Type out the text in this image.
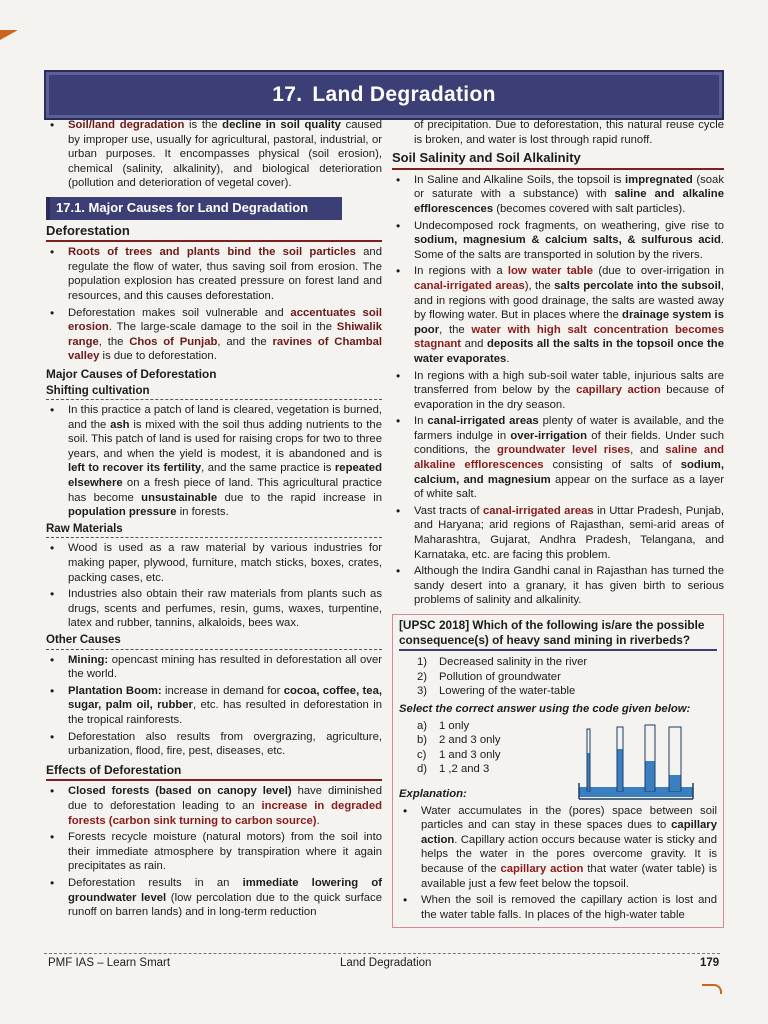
17. Land Degradation
• Soil/land degradation is the decline in soil quality caused by improper use, usually for agricultural, pastoral, industrial, or urban purposes. It encompasses physical (soil erosion), chemical (salinity, alkalinity), and biological deterioration (pollution and deterioration of vegetal cover).
17.1. Major Causes for Land Degradation
Deforestation
• Roots of trees and plants bind the soil particles and regulate the flow of water, thus saving soil from erosion. The population explosion has created pressure on forest land and resources, and this causes deforestation.
• Deforestation makes soil vulnerable and accentuates soil erosion. The large-scale damage to the soil in the Shiwalik range, the Chos of Punjab, and the ravines of Chambal valley is due to deforestation.
Major Causes of Deforestation
Shifting cultivation
• In this practice a patch of land is cleared, vegetation is burned, and the ash is mixed with the soil thus adding nutrients to the soil. This patch of land is used for raising crops for two to three years, and when the yield is modest, it is abandoned and is left to recover its fertility, and the same practice is repeated elsewhere on a fresh piece of land. This agricultural practice has become unsustainable due to the rapid increase in population pressure in forests.
Raw Materials
• Wood is used as a raw material by various industries for making paper, plywood, furniture, match sticks, boxes, crates, packing cases, etc.
• Industries also obtain their raw materials from plants such as drugs, scents and perfumes, resin, gums, waxes, turpentine, latex and rubber, tannins, alkaloids, bees wax.
Other Causes
• Mining: opencast mining has resulted in deforestation all over the world.
• Plantation Boom: increase in demand for cocoa, coffee, tea, sugar, palm oil, rubber, etc. has resulted in deforestation in the tropical rainforests.
• Deforestation also results from overgrazing, agriculture, urbanization, flood, fire, pest, diseases, etc.
Effects of Deforestation
• Closed forests (based on canopy level) have diminished due to deforestation leading to an increase in degraded forests (carbon sink turning to carbon source).
• Forests recycle moisture (natural motors) from the soil into their immediate atmosphere by transpiration where it again precipitates as rain.
• Deforestation results in an immediate lowering of groundwater level (low percolation due to the quick surface runoff on barren lands) and in long-term reduction
of precipitation. Due to deforestation, this natural reuse cycle is broken, and water is lost through rapid runoff.
Soil Salinity and Soil Alkalinity
• In Saline and Alkaline Soils, the topsoil is impregnated (soak or saturate with a substance) with saline and alkaline efflorescences (becomes covered with salt particles).
• Undecomposed rock fragments, on weathering, give rise to sodium, magnesium & calcium salts, & sulfurous acid. Some of the salts are transported in solution by the rivers.
• In regions with a low water table (due to over-irrigation in canal-irrigated areas), the salts percolate into the subsoil, and in regions with good drainage, the salts are wasted away by flowing water. But in places where the drainage system is poor, the water with high salt concentration becomes stagnant and deposits all the salts in the topsoil once the water evaporates.
• In regions with a high sub-soil water table, injurious salts are transferred from below by the capillary action because of evaporation in the dry season.
• In canal-irrigated areas plenty of water is available, and the farmers indulge in over-irrigation of their fields. Under such conditions, the groundwater level rises, and saline and alkaline efflorescences consisting of salts of sodium, calcium, and magnesium appear on the surface as a layer of white salt.
• Vast tracts of canal-irrigated areas in Uttar Pradesh, Punjab, and Haryana; arid regions of Rajasthan, semi-arid areas of Maharashtra, Gujarat, Andhra Pradesh, Telangana, and Karnataka, etc. are facing this problem.
• Although the Indira Gandhi canal in Rajasthan has turned the sandy desert into a granary, it has given birth to serious problems of salinity and alkalinity.
[UPSC 2018] Which of the following is/are the possible consequence(s) of heavy sand mining in riverbeds?
1) Decreased salinity in the river
2) Pollution of groundwater
3) Lowering of the water-table
Select the correct answer using the code given below:
a) 1 only
b) 2 and 3 only
c) 1 and 3 only
d) 1 ,2 and 3
Explanation:
• Water accumulates in the (pores) space between soil particles and can stay in these spaces dues to capillary action. Capillary action occurs because water is sticky and helps the water in the pores overcome gravity. It is because of the capillary action that water (water table) is available just a few feet below the topsoil.
• When the soil is removed the capillary action is lost and the water table falls. In places of the high-water table
PMF IAS – Learn Smart	Land Degradation	179
